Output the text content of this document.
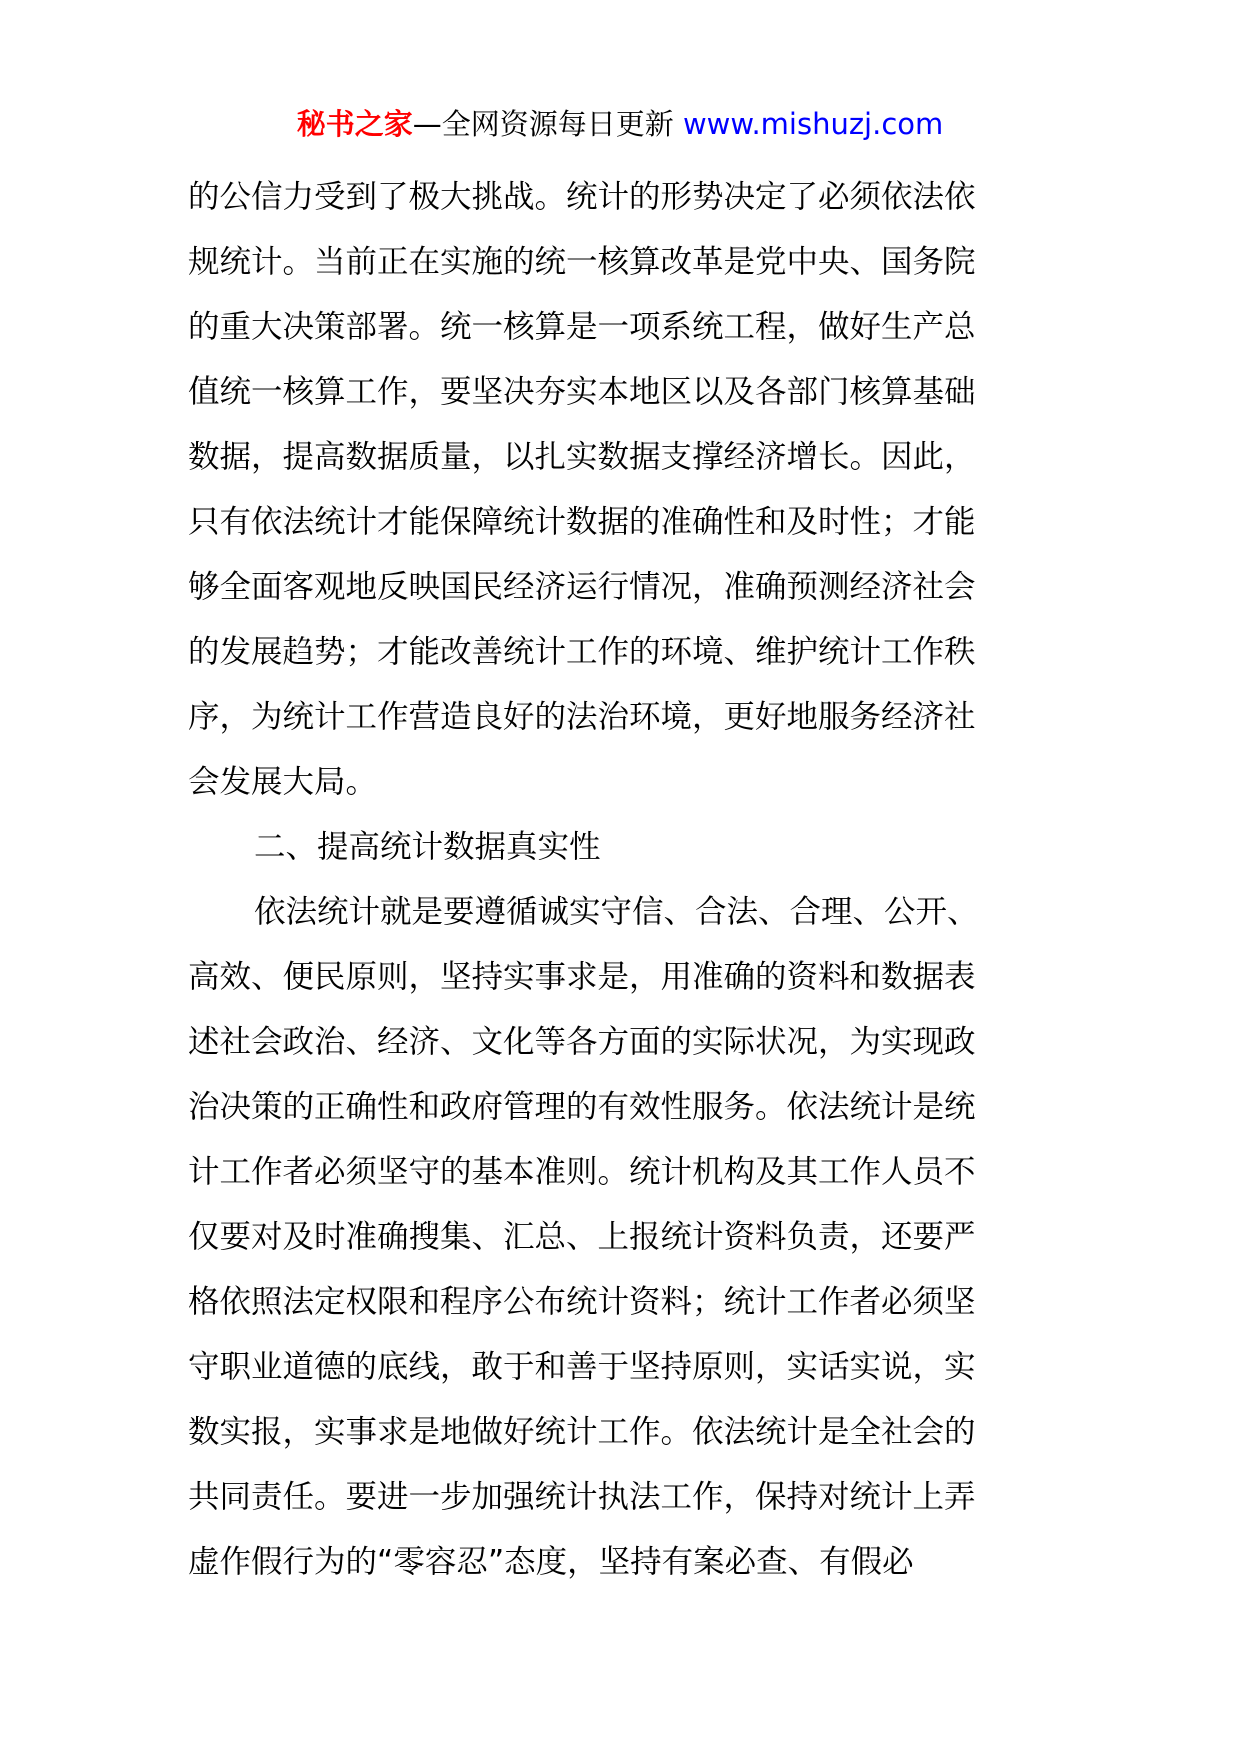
秘书之家—全网资源每日更新 www.mishuzj.com
的公信力受到了极大挑战。统计的形势决定了必须依法依
规统计。当前正在实施的统一核算改革是党中央、国务院
的重大决策部署。统一核算是一项系统工程，做好生产总
值统一核算工作，要坚决夯实本地区以及各部门核算基础
数据，提高数据质量，以扎实数据支撑经济增长。因此，
只有依法统计才能保障统计数据的准确性和及时性；才能
够全面客观地反映国民经济运行情况，准确预测经济社会
的发展趋势；才能改善统计工作的环境、维护统计工作秩
序，为统计工作营造良好的法治环境，更好地服务经济社
会发展大局。
二、提高统计数据真实性
依法统计就是要遵循诚实守信、合法、合理、公开、
高效、便民原则，坚持实事求是，用准确的资料和数据表
述社会政治、经济、文化等各方面的实际状况，为实现政
治决策的正确性和政府管理的有效性服务。依法统计是统
计工作者必须坚守的基本准则。统计机构及其工作人员不
仅要对及时准确搜集、汇总、上报统计资料负责，还要严
格依照法定权限和程序公布统计资料；统计工作者必须坚
守职业道德的底线，敢于和善于坚持原则，实话实说，实
数实报，实事求是地做好统计工作。依法统计是全社会的
共同责任。要进一步加强统计执法工作，保持对统计上弄
虚作假行为的“零容忍”态度，坚持有案必查、有假必
